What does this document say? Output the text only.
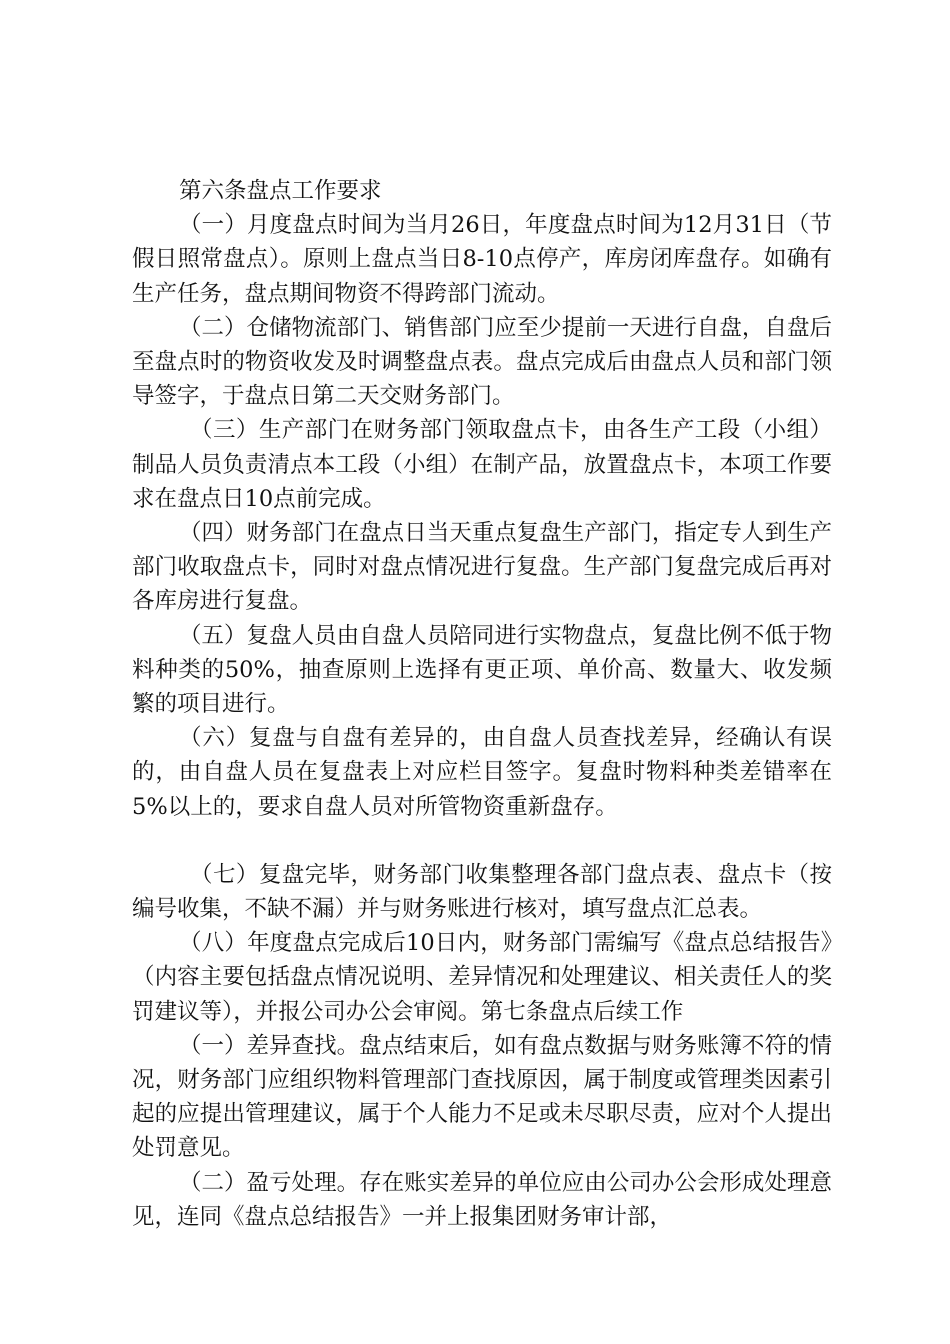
第六条盘点工作要求

（一）月度盘点时间为当月26日，年度盘点时间为12月31日（节假日照常盘点）。原则上盘点当日8-10点停产，库房闭库盘存。如确有生产任务，盘点期间物资不得跨部门流动。

（二）仓储物流部门、销售部门应至少提前一天进行自盘，自盘后至盘点时的物资收发及时调整盘点表。盘点完成后由盘点人员和部门领导签字，于盘点日第二天交财务部门。

（三）生产部门在财务部门领取盘点卡，由各生产工段（小组）制品人员负责清点本工段（小组）在制产品，放置盘点卡，本项工作要求在盘点日10点前完成。

（四）财务部门在盘点日当天重点复盘生产部门，指定专人到生产部门收取盘点卡，同时对盘点情况进行复盘。生产部门复盘完成后再对各库房进行复盘。

（五）复盘人员由自盘人员陪同进行实物盘点，复盘比例不低于物料种类的50%，抽查原则上选择有更正项、单价高、数量大、收发频繁的项目进行。

（六）复盘与自盘有差异的，由自盘人员查找差异，经确认有误的，由自盘人员在复盘表上对应栏目签字。复盘时物料种类差错率在5%以上的，要求自盘人员对所管物资重新盘存。

（七）复盘完毕，财务部门收集整理各部门盘点表、盘点卡（按编号收集，不缺不漏）并与财务账进行核对，填写盘点汇总表。

（八）年度盘点完成后10日内，财务部门需编写《盘点总结报告》（内容主要包括盘点情况说明、差异情况和处理建议、相关责任人的奖罚建议等），并报公司办公会审阅。第七条盘点后续工作

（一）差异查找。盘点结束后，如有盘点数据与财务账簿不符的情况，财务部门应组织物料管理部门查找原因，属于制度或管理类因素引起的应提出管理建议，属于个人能力不足或未尽职尽责，应对个人提出处罚意见。

（二）盈亏处理。存在账实差异的单位应由公司办公会形成处理意见，连同《盘点总结报告》一并上报集团财务审计部，
